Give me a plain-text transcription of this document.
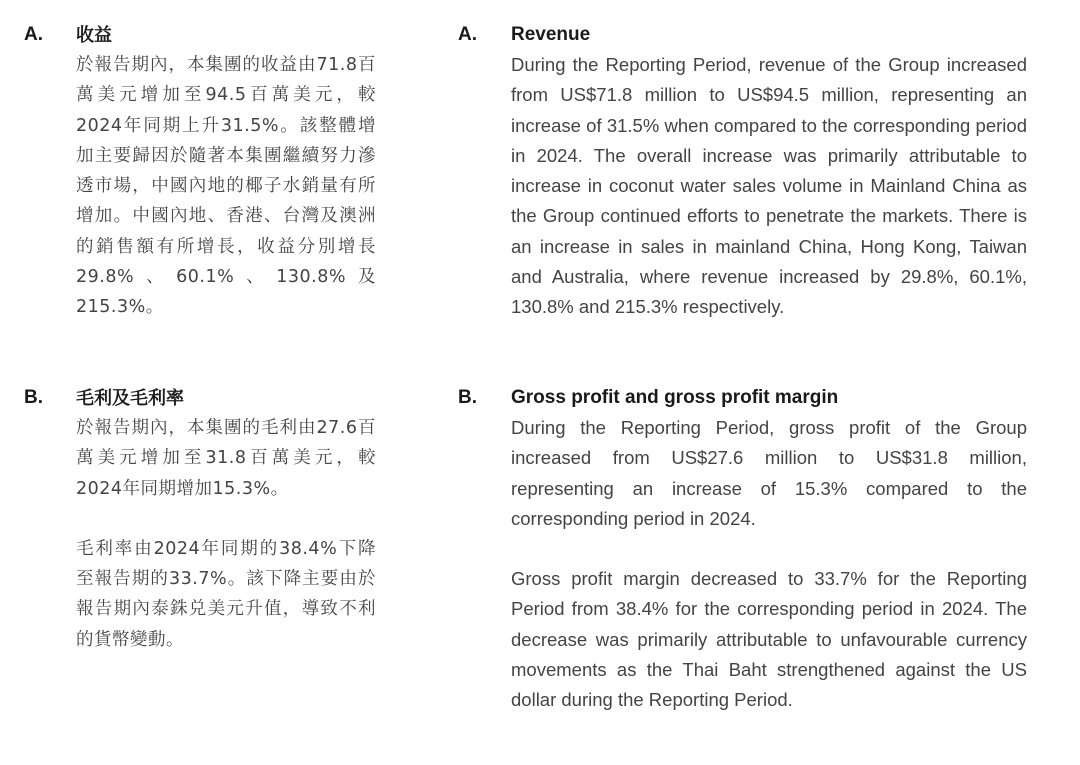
A. 收益

於報告期內，本集團的收益由71.8百萬美元增加至94.5百萬美元，較2024年同期上升31.5%。該整體增加主要歸因於隨著本集團繼續努力滲透市場，中國內地的椰子水銷量有所增加。中國內地、香港、台灣及澳洲的銷售額有所增長，收益分別增長29.8%、60.1%、130.8%及215.3%。

B. 毛利及毛利率

於報告期內，本集團的毛利由27.6百萬美元增加至31.8百萬美元，較2024年同期增加15.3%。

毛利率由2024年同期的38.4%下降至報告期的33.7%。該下降主要由於報告期內泰銖兑美元升值，導致不利的貨幣變動。

A. Revenue

During the Reporting Period, revenue of the Group increased from US$71.8 million to US$94.5 million, representing an increase of 31.5% when compared to the corresponding period in 2024. The overall increase was primarily attributable to increase in coconut water sales volume in Mainland China as the Group continued efforts to penetrate the markets. There is an increase in sales in mainland China, Hong Kong, Taiwan and Australia, where revenue increased by 29.8%, 60.1%, 130.8% and 215.3% respectively.

B. Gross profit and gross profit margin

During the Reporting Period, gross profit of the Group increased from US$27.6 million to US$31.8 million, representing an increase of 15.3% compared to the corresponding period in 2024.

Gross profit margin decreased to 33.7% for the Reporting Period from 38.4% for the corresponding period in 2024. The decrease was primarily attributable to unfavourable currency movements as the Thai Baht strengthened against the US dollar during the Reporting Period.
